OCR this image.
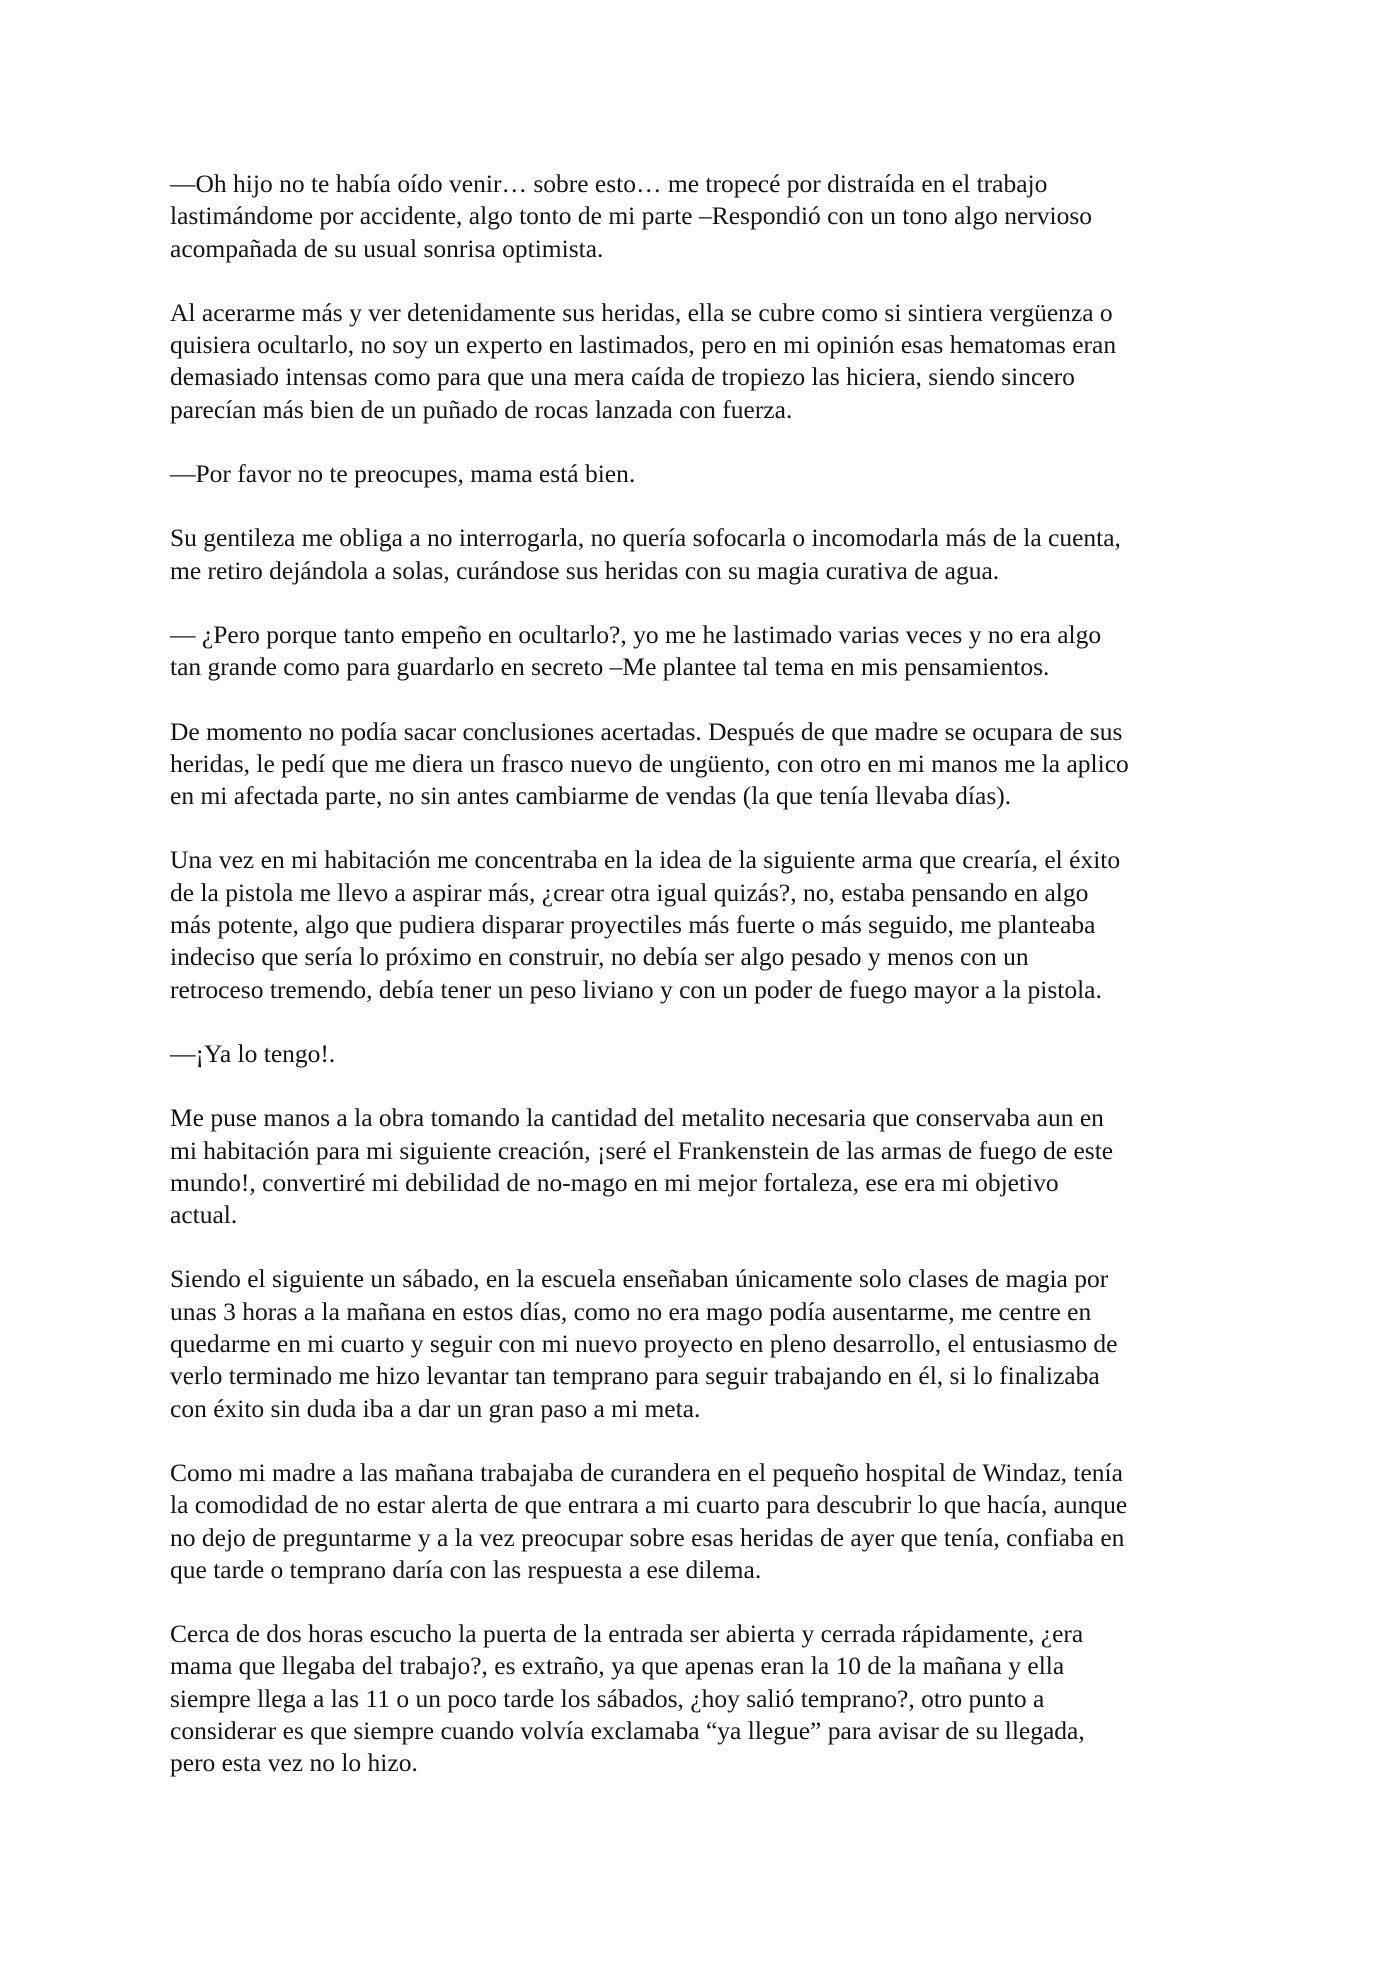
—Oh hijo no te había oído venir… sobre esto… me tropecé por distraída en el trabajo
lastimándome por accidente, algo tonto de mi parte –Respondió con un tono algo nervioso
acompañada de su usual sonrisa optimista.

Al acerarme más y ver detenidamente sus heridas, ella se cubre como si sintiera vergüenza o
quisiera ocultarlo, no soy un experto en lastimados, pero en mi opinión esas hematomas eran
demasiado intensas como para que una mera caída de tropiezo las hiciera, siendo sincero
parecían más bien de un puñado de rocas lanzada con fuerza.

—Por favor no te preocupes, mama está bien.

Su gentileza me obliga a no interrogarla, no quería sofocarla o incomodarla más de la cuenta,
me retiro dejándola a solas, curándose sus heridas con su magia curativa de agua.

— ¿Pero porque tanto empeño en ocultarlo?, yo me he lastimado varias veces y no era algo
tan grande como para guardarlo en secreto –Me plantee tal tema en mis pensamientos.

De momento no podía sacar conclusiones acertadas. Después de que madre se ocupara de sus
heridas, le pedí que me diera un frasco nuevo de ungüento, con otro en mi manos me la aplico
en mi afectada parte, no sin antes cambiarme de vendas (la que tenía llevaba días).

Una vez en mi habitación me concentraba en la idea de la siguiente arma que crearía, el éxito
de la pistola me llevo a aspirar más, ¿crear otra igual quizás?, no, estaba pensando en algo
más potente, algo que pudiera disparar proyectiles más fuerte o más seguido, me planteaba
indeciso que sería lo próximo en construir, no debía ser algo pesado y menos con un
retroceso tremendo, debía tener un peso liviano y con un poder de fuego mayor a la pistola.

—¡Ya lo tengo!.

Me puse manos a la obra tomando la cantidad del metalito necesaria que conservaba aun en
mi habitación para mi siguiente creación, ¡seré el Frankenstein de las armas de fuego de este
mundo!, convertiré mi debilidad de no-mago en mi mejor fortaleza, ese era mi objetivo
actual.

Siendo el siguiente un sábado, en la escuela enseñaban únicamente solo clases de magia por
unas 3 horas a la mañana en estos días, como no era mago podía ausentarme, me centre en
quedarme en mi cuarto y seguir con mi nuevo proyecto en pleno desarrollo, el entusiasmo de
verlo terminado me hizo levantar tan temprano para seguir trabajando en él, si lo finalizaba
con éxito sin duda iba a dar un gran paso a mi meta.

Como mi madre a las mañana trabajaba de curandera en el pequeño hospital de Windaz, tenía
la comodidad de no estar alerta de que entrara a mi cuarto para descubrir lo que hacía, aunque
no dejo de preguntarme y a la vez preocupar sobre esas heridas de ayer que tenía, confiaba en
que tarde o temprano daría con las respuesta a ese dilema.

Cerca de dos horas escucho la puerta de la entrada ser abierta y cerrada rápidamente, ¿era
mama que llegaba del trabajo?, es extraño, ya que apenas eran la 10 de la mañana y ella
siempre llega a las 11 o un poco tarde los sábados, ¿hoy salió temprano?, otro punto a
considerar es que siempre cuando volvía exclamaba “ya llegue” para avisar de su llegada,
pero esta vez no lo hizo.
